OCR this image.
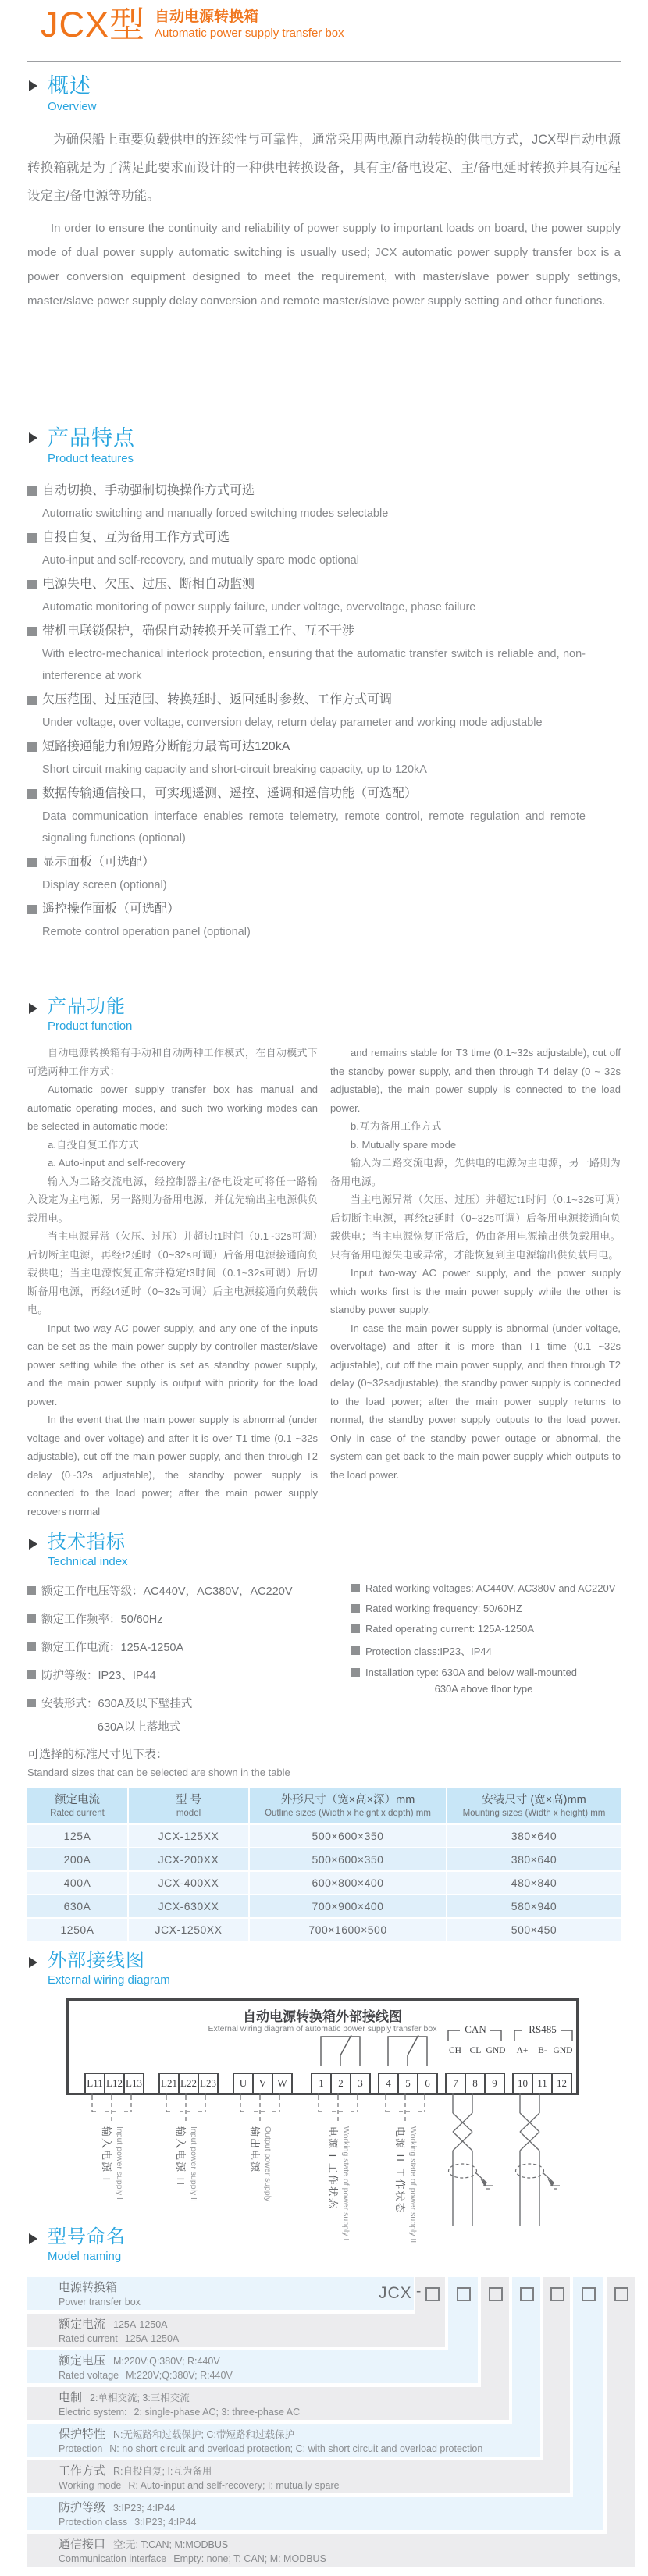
JCX型 自动电源转换箱
Automatic power supply transfer box
概述
Overview

为确保船上重要负载供电的连续性与可靠性，通常采用两电源自动转换的供电方式，JCX型自动电源转换箱就是为了满足此要求而设计的一种供电转换设备，具有主/备电设定、主/备电延时转换并具有远程设定主/备电源等功能。

In order to ensure the continuity and reliability of power supply to important loads on board, the power supply mode of dual power supply automatic switching is usually used; JCX automatic power supply transfer box is a power conversion equipment designed to meet the requirement, with master/slave power supply settings, master/slave power supply delay conversion and remote master/slave power supply setting and other functions.

产品特点
Product features
自动切换、手动强制切换操作方式可选
Automatic switching and manually forced switching modes selectable
自投自复、互为备用工作方式可选
Auto-input and self-recovery, and mutually spare mode optional
电源失电、欠压、过压、断相自动监测
Automatic monitoring of power supply failure, under voltage, overvoltage, phase failure
带机电联锁保护，确保自动转换开关可靠工作、互不干涉
With electro-mechanical interlock protection, ensuring that the automatic transfer switch is reliable and, non-interference at work
欠压范围、过压范围、转换延时、返回延时参数、工作方式可调
Under voltage, over voltage, conversion delay, return delay parameter and working mode adjustable
短路接通能力和短路分断能力最高可达120kA
Short circuit making capacity and short-circuit breaking capacity, up to 120kA
数据传输通信接口，可实现遥测、遥控、遥调和遥信功能（可选配）
Data communication interface enables remote telemetry, remote control, remote regulation and remote signaling functions (optional)
显示面板（可选配）
Display screen (optional)
遥控操作面板（可选配）
Remote control operation panel (optional)
产品功能
Product function

自动电源转换箱有手动和自动两种工作模式，在自动模式下可选两种工作方式：

Automatic power supply transfer box has manual and automatic operating modes, and such two working modes can be selected in automatic mode:

a.自投自复工作方式

a. Auto-input and self-recovery

输入为二路交流电源，经控制器主/备电设定可将任一路输入设定为主电源，另一路则为备用电源，并优先输出主电源供负载用电。

当主电源异常（欠压、过压）并超过t1时间（0.1~32s可调）后切断主电源，再经t2延时（0~32s可调）后备用电源接通向负载供电；当主电源恢复正常并稳定t3时间（0.1~32s可调）后切断备用电源，再经t4延时（0~32s可调）后主电源接通向负载供电。

Input two-way AC power supply, and any one of the inputs can be set as the main power supply by controller master/slave power setting while the other is set as standby power supply, and the main power supply is output with priority for the load power.

In the event that the main power supply is abnormal (under voltage and over voltage) and after it is over T1 time (0.1 ~32s adjustable), cut off the main power supply, and then through T2 delay (0~32s adjustable), the standby power supply is connected to the load power; after the main power supply recovers normal

and remains stable for T3 time (0.1~32s adjustable), cut off the standby power supply, and then through T4 delay (0 ~ 32s adjustable), the main power supply is connected to the load power.

b.互为备用工作方式

b. Mutually spare mode

输入为二路交流电源，先供电的电源为主电源，另一路则为备用电源。

当主电源异常（欠压、过压）并超过t1时间（0.1~32s可调）后切断主电源，再经t2延时（0~32s可调）后备用电源接通向负载供电；当主电源恢复正常后，仍由备用电源输出供负载用电。只有备用电源失电或异常，才能恢复到主电源输出供负载用电。

Input two-way AC power supply, and the power supply which works first is the main power supply while the other is standby power supply.

In case the main power supply is abnormal (under voltage, overvoltage) and after it is more than T1 time (0.1 ~32s adjustable), cut off the main power supply, and then through T2 delay (0~32sadjustable), the standby power supply is connected to the load power; after the main power supply returns to normal, the standby power supply outputs to the load power. Only in case of the standby power outage or abnormal, the system can get back to the main power supply which outputs to the load power.

技术指标
Technical index
额定工作电压等级：AC440V，AC380V，AC220V
额定工作频率：50/60Hz
额定工作电流：125A-1250A
防护等级：IP23、IP44
安装形式：630A及以下壁挂式
630A以上落地式
Rated working voltages: AC440V, AC380V and AC220V
Rated working frequency: 50/60HZ
Rated operating current: 125A-1250A
Protection class:IP23、IP44
Installation type: 630A and below wall-mounted
630A above floor type
可选择的标准尺寸见下表：
Standard sizes that can be selected are shown in the table
额定电流
Rated current
型 号
model
外形尺寸（宽×高×深）mm
Outline sizes (Width x height x depth) mm
安装尺寸 (宽×高)mm
Mounting sizes (Width x height) mm
125A	JCX-125XX	500×600×350	380×640
200A	JCX-200XX	500×600×350	380×640
400A	JCX-400XX	600×800×400	480×840
630A	JCX-630XX	700×900×400	580×940
1250A	JCX-1250XX	700×1600×500	500×450
外部接线图
External wiring diagram
自动电源转换箱外部接线图
External wiring diagram of automatic power supply transfer box	CAN	RS485
CH CL GND	A+	B- GND
L11 L12 L13 L21 L22 L23	U	V	W	1	2	3	4	5	6	7	8	9	10 11 12
输入电源 I Input power supply I	输入电源 II Input power supply II	输出电源 Output power supply	电源 I 工作状态 Working state of power supply I	电源 II 工作状态 Working state of power supply II
型号命名
Model naming
电源转换箱
Power transfer box
额定电流 125A-1250A
Rated current 125A-1250A
额定电压 M:220V;Q:380V; R:440V
Rated voltage M:220V;Q:380V; R:440V
电制 2:单相交流; 3:三相交流
Electric system: 2: single-phase AC; 3: three-phase AC
保护特性 N:无短路和过载保护; C:带短路和过载保护
Protection N: no short circuit and overload protection; C: with short circuit and overload protection
工作方式 R:自投自复; I:互为备用
Working mode R: Auto-input and self-recovery; I: mutually spare
防护等级 3:IP23; 4:IP44
Protection class 3:IP23; 4:IP44
通信接口 空:无; T:CAN; M:MODBUS
Communication interface Empty: none; T: CAN; M: MODBUS
JCX -
